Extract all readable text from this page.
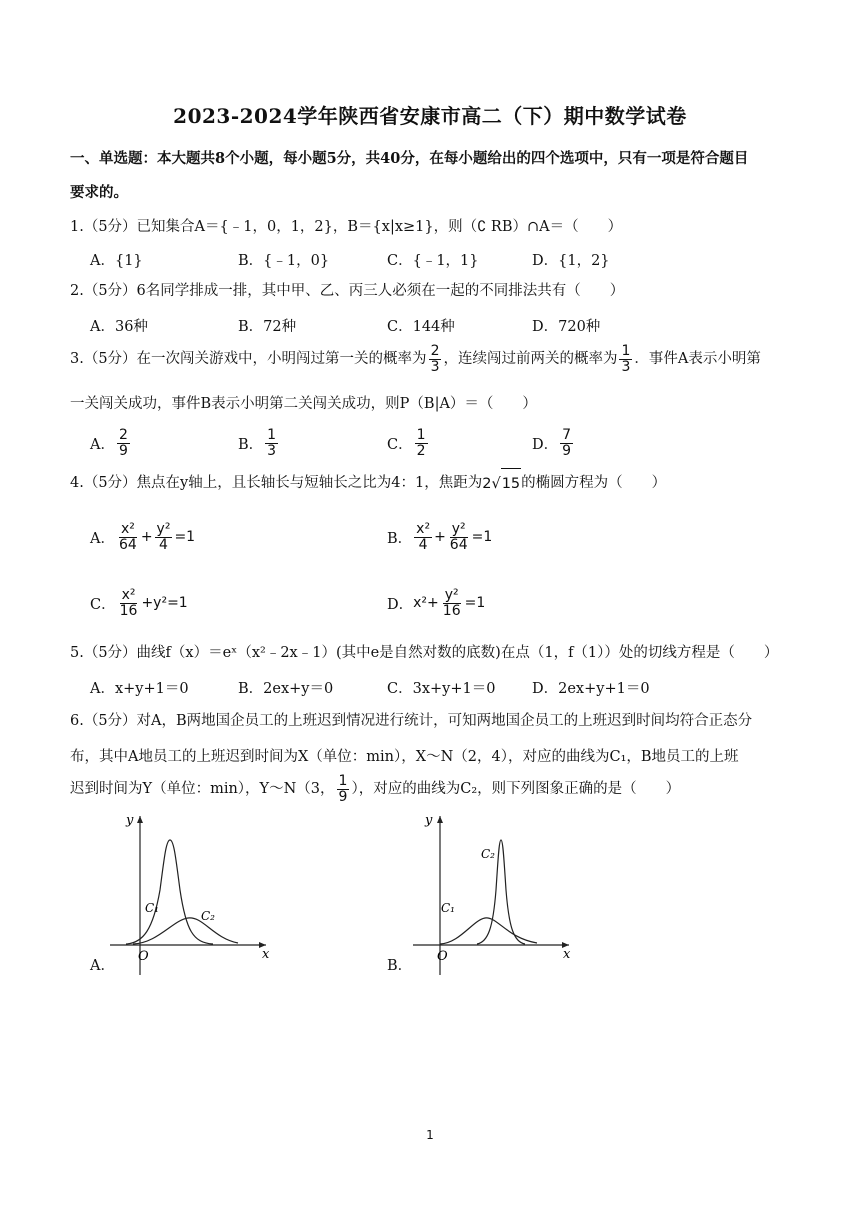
2023-2024学年陕西省安康市高二（下）期中数学试卷
一、单选题：本大题共8个小题，每小题5分，共40分，在每小题给出的四个选项中，只有一项是符合题目
要求的。
1.（5分）已知集合A＝{﹣1，0，1，2}，B＝{x|x≥1}，则（∁ RB）∩A＝（　　）
A．{1}	B．{﹣1，0}	C．{﹣1，1}	D．{1，2}
2.（5分）6名同学排成一排，其中甲、乙、丙三人必须在一起的不同排法共有（　　）
A．36种	B．72种	C．144种	D．720种
3.（5分）在一次闯关游戏中，小明闯过第一关的概率为 $\frac{2}{3}$ ，连续闯过前两关的概率为 $\frac{1}{3}$ ．事件A表示小明第
一关闯关成功，事件B表示小明第二关闯关成功，则P（B|A）＝（　　）
A． $\frac{2}{9}$	B． $\frac{1}{3}$	C． $\frac{1}{2}$	D． $\frac{7}{9}$
4.（5分）焦点在y轴上，且长轴长与短轴长之比为4：1，焦距为 2 √ 15 的椭圆方程为（　　）
A． $\frac{\text{x²}}{64} + \frac{\text{y²}}{4} =1$	B． $\frac{\text{x²}}{4} + \frac{\text{y²}}{64} =1$
C． $\frac{\text{x²}}{16} +y^2=1$	D． $x^2+ \frac{\text{y²}}{16} =1$
5.（5分）曲线f（x）＝eˣ（x²﹣2x﹣1）(其中e是自然对数的底数)在点（1，f（1））处的切线方程是（　　）
A．x+y+1＝0	B．2ex+y＝0	C．3x+y+1＝0	D．2ex+y+1＝0
6.（5分）对A，B两地国企员工的上班迟到情况进行统计，可知两地国企员工的上班迟到时间均符合正态分
布，其中A地员工的上班迟到时间为X（单位：min），X～N（2，4），对应的曲线为C₁，B地员工的上班
迟到时间为Y（单位：min），Y～N（3， $\frac{1}{9}$ ），对应的曲线为C₂，则下列图象正确的是（　　）
y
x
O
C₁
C₂
A．
y
x
O
C₁
C₂
B．
1
